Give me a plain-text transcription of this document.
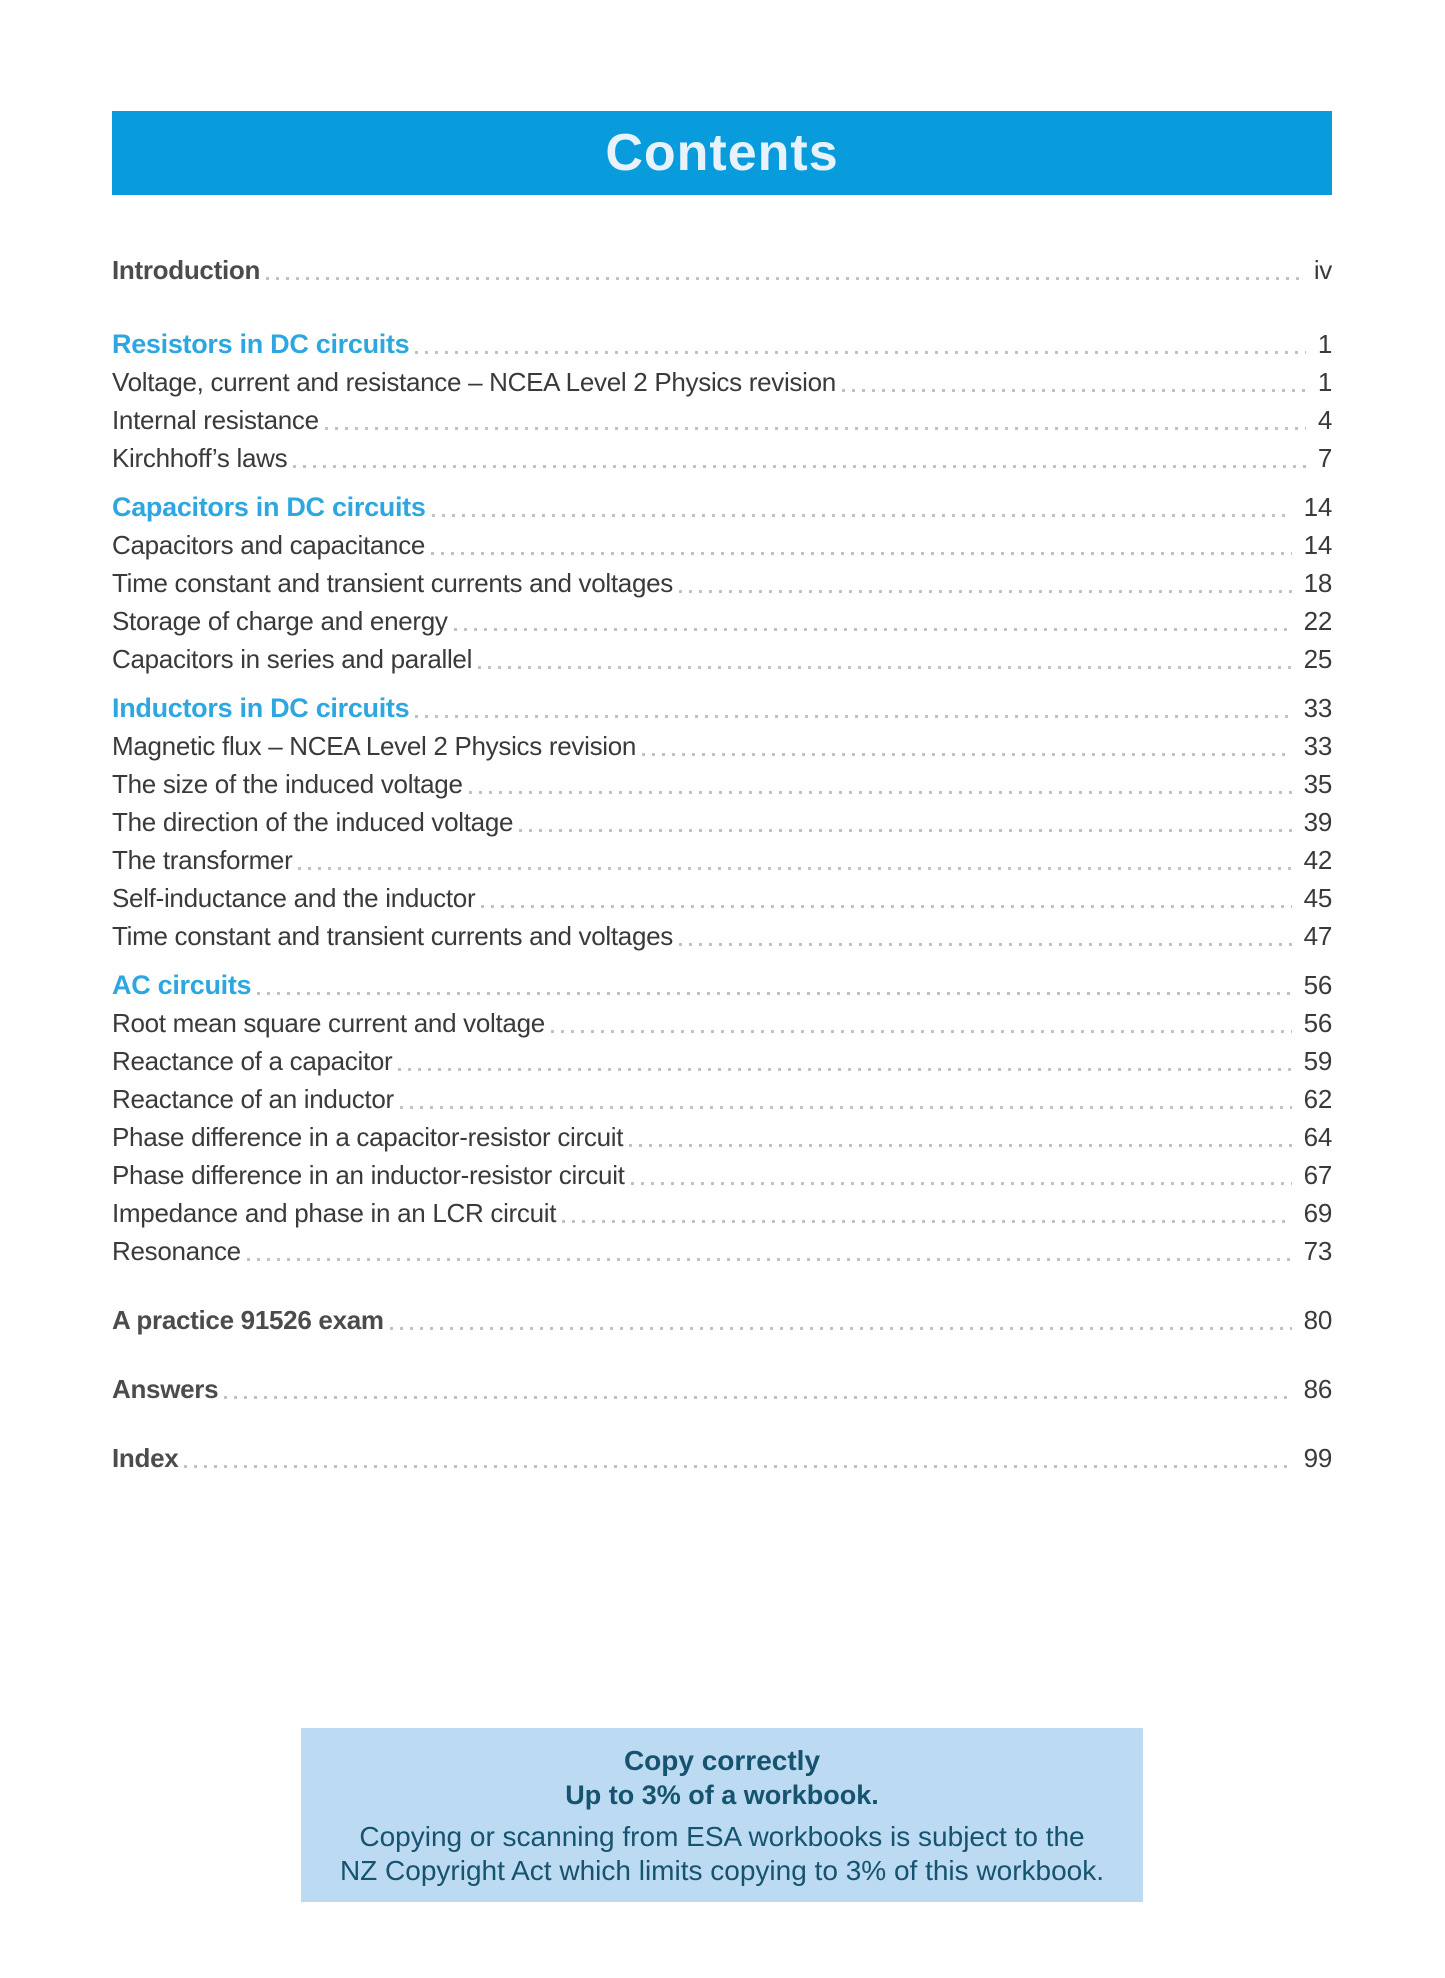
Contents
Introduction	iv
Resistors in DC circuits	1
Voltage, current and resistance – NCEA Level 2 Physics revision	1
Internal resistance	4
Kirchhoff’s laws	7
Capacitors in DC circuits	14
Capacitors and capacitance	14
Time constant and transient currents and voltages	18
Storage of charge and energy	22
Capacitors in series and parallel	25
Inductors in DC circuits	33
Magnetic flux – NCEA Level 2 Physics revision	33
The size of the induced voltage	35
The direction of the induced voltage	39
The transformer	42
Self-inductance and the inductor	45
Time constant and transient currents and voltages	47
AC circuits	56
Root mean square current and voltage	56
Reactance of a capacitor	59
Reactance of an inductor	62
Phase difference in a capacitor-resistor circuit	64
Phase difference in an inductor-resistor circuit	67
Impedance and phase in an LCR circuit	69
Resonance	73
A practice 91526 exam	80
Answers	86
Index	99

Copy correctly

Up to 3% of a workbook.

Copying or scanning from ESA workbooks is subject to the
NZ Copyright Act which limits copying to 3% of this workbook.
